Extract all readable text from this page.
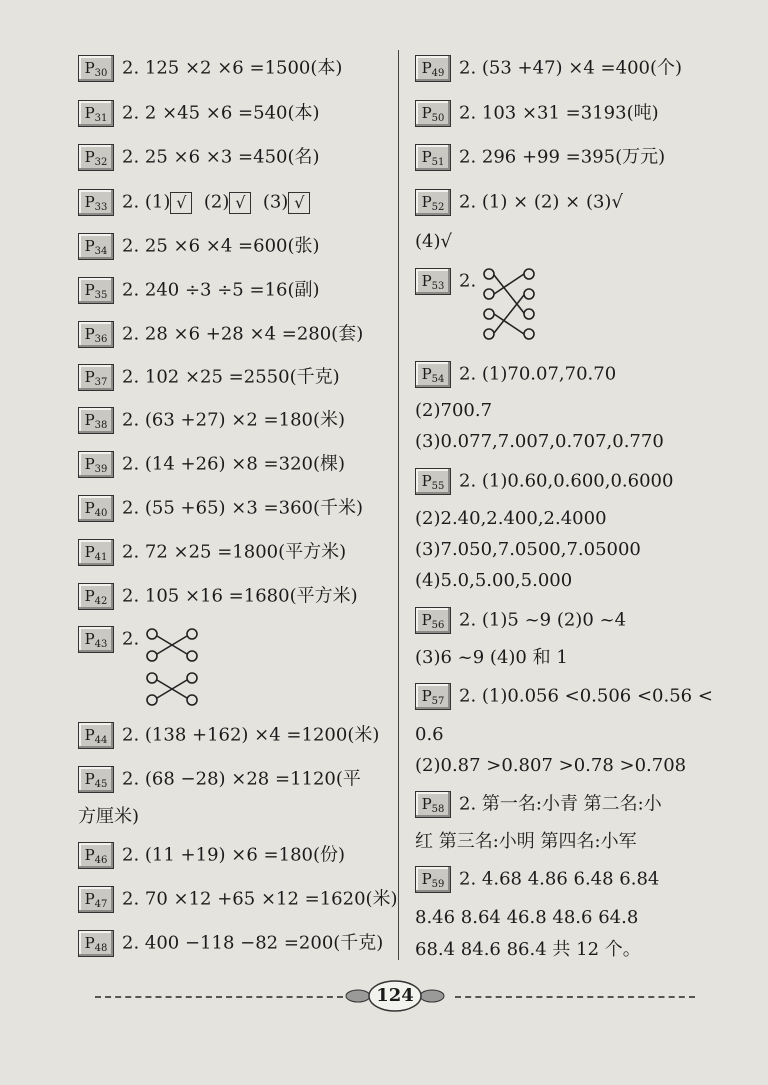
$P_{30}$ 2. 125 ×2 ×6 =1500(本)
$P_{31}$ 2. 2 ×45 ×6 =540(本)
$P_{32}$ 2. 25 ×6 ×3 =450(名)
$P_{33}$ 2. (1) √ (2) √ (3) √
$P_{34}$ 2. 25 ×6 ×4 =600(张)
$P_{35}$ 2. 240 ÷3 ÷5 =16(副)
$P_{36}$ 2. 28 ×6 +28 ×4 =280(套)
$P_{37}$ 2. 102 ×25 =2550(千克)
$P_{38}$ 2. (63 +27) ×2 =180(米)
$P_{39}$ 2. (14 +26) ×8 =320(棵)
$P_{40}$ 2. (55 +65) ×3 =360(千米)
$P_{41}$ 2. 72 ×25 =1800(平方米)
$P_{42}$ 2. 105 ×16 =1680(平方米)
$P_{43}$ 2.
$P_{44}$ 2. (138 +162) ×4 =1200(米)
$P_{45}$ 2. (68 −28) ×28 =1120(平
方厘米)
$P_{46}$ 2. (11 +19) ×6 =180(份)
$P_{47}$ 2. 70 ×12 +65 ×12 =1620(米)
$P_{48}$ 2. 400 −118 −82 =200(千克)
$P_{49}$ 2. (53 +47) ×4 =400(个)
$P_{50}$ 2. 103 ×31 =3193(吨)
$P_{51}$ 2. 296 +99 =395(万元)
$P_{52}$ 2. (1) × (2) × (3)√
(4)√
$P_{53}$ 2.
$P_{54}$ 2. (1)70.07,70.70
(2)700.7
(3)0.077,7.007,0.707,0.770
$P_{55}$ 2. (1)0.60,0.600,0.6000
(2)2.40,2.400,2.4000
(3)7.050,7.0500,7.05000
(4)5.0,5.00,5.000
$P_{56}$ 2. (1)5 ~9 (2)0 ~4
(3)6 ~9 (4)0 和 1
$P_{57}$ 2. (1)0.056 <0.506 <0.56 <
0.6
(2)0.87 >0.807 >0.78 >0.708
$P_{58}$ 2. 第一名:小青 第二名:小
红 第三名:小明 第四名:小军
$P_{59}$ 2. 4.68 4.86 6.48 6.84
8.46 8.64 46.8 48.6 64.8
68.4 84.6 86.4 共 12 个。
124
